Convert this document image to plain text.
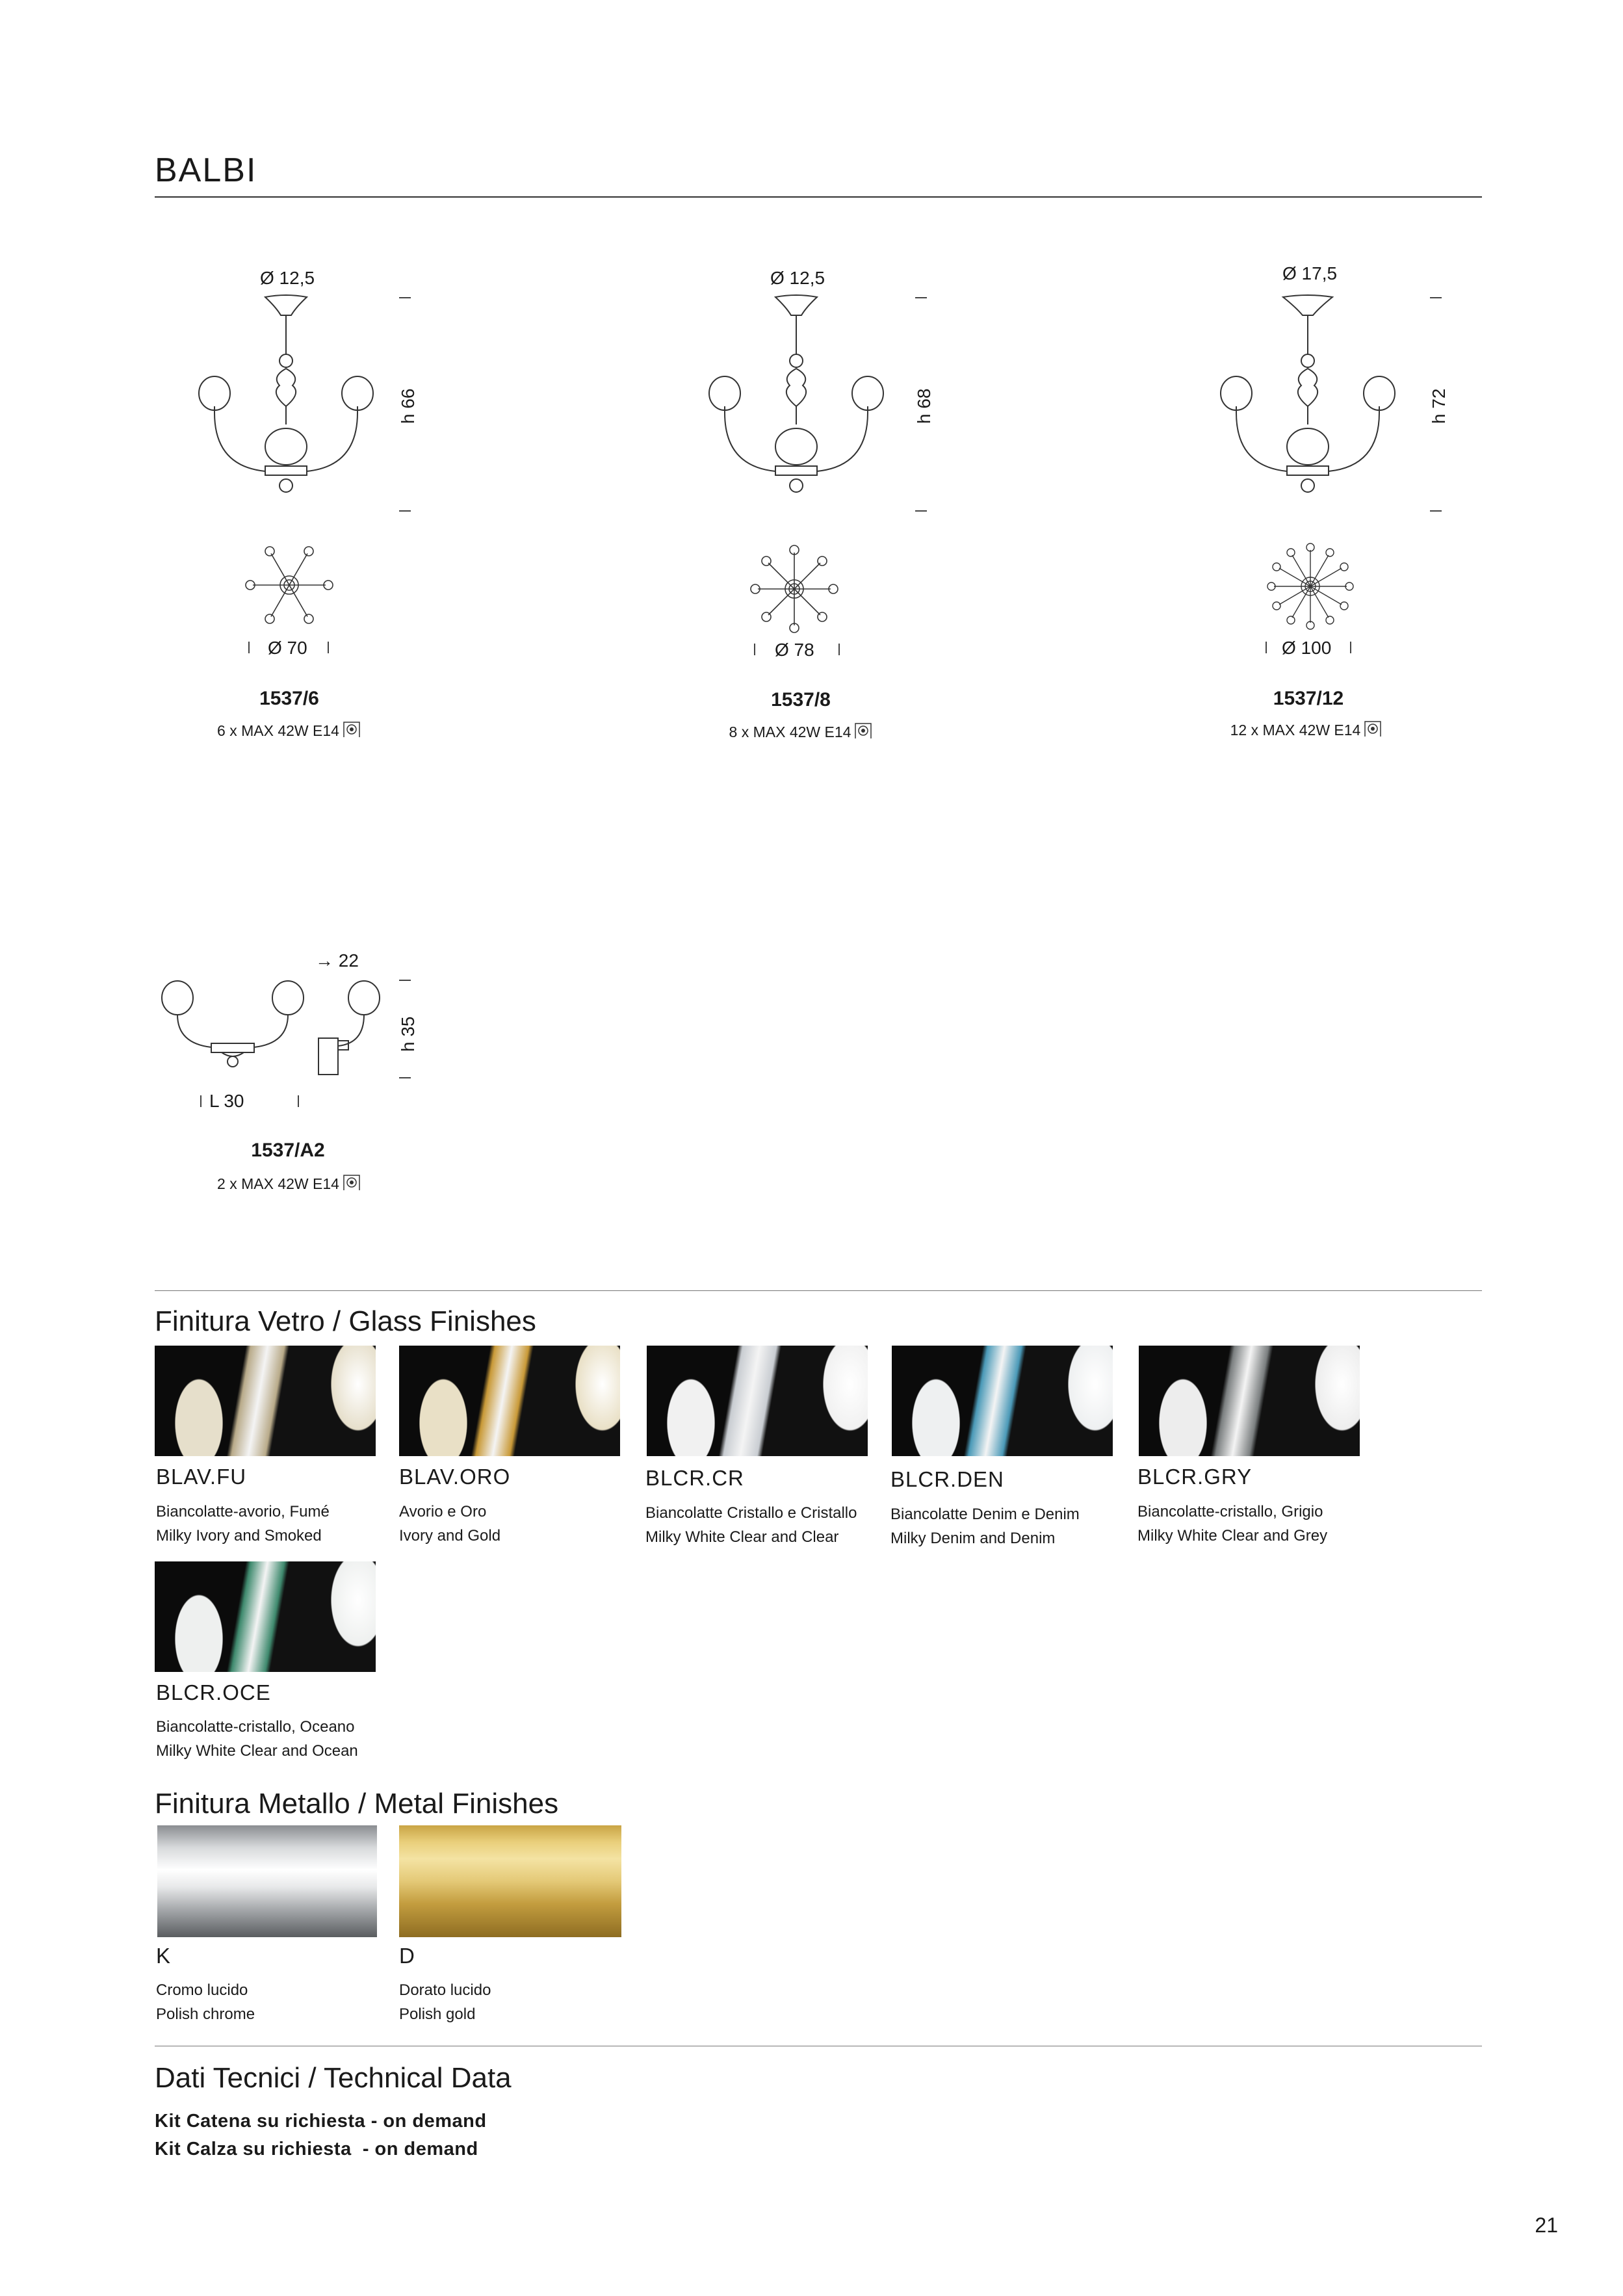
BALBI
Ø 12,5
h 66
Ø 70
1537/6
6 x MAX 42W E14
Ø 12,5
h 68
Ø 78
1537/8
8 x MAX 42W E14
Ø 17,5
h 72
Ø 100
1537/12
12 x MAX 42W E14
→ 22
h 35
L 30
1537/A2
2 x MAX 42W E14
Finitura Vetro / Glass Finishes
BLAV.FU
Biancolatte-avorio, Fumé
Milky Ivory and Smoked
BLAV.ORO
Avorio e Oro
Ivory and Gold
BLCR.CR
Biancolatte Cristallo e Cristallo
Milky White Clear and Clear
BLCR.DEN
Biancolatte Denim e Denim
Milky Denim and Denim
BLCR.GRY
Biancolatte-cristallo, Grigio
Milky White Clear and Grey
BLCR.OCE
Biancolatte-cristallo, Oceano
Milky White Clear and Ocean
Finitura Metallo / Metal Finishes
K
Cromo lucido
Polish chrome
D
Dorato lucido
Polish gold
Dati Tecnici / Technical Data
Kit Catena su richiesta - on demand
Kit Calza su richiesta  - on demand
21
